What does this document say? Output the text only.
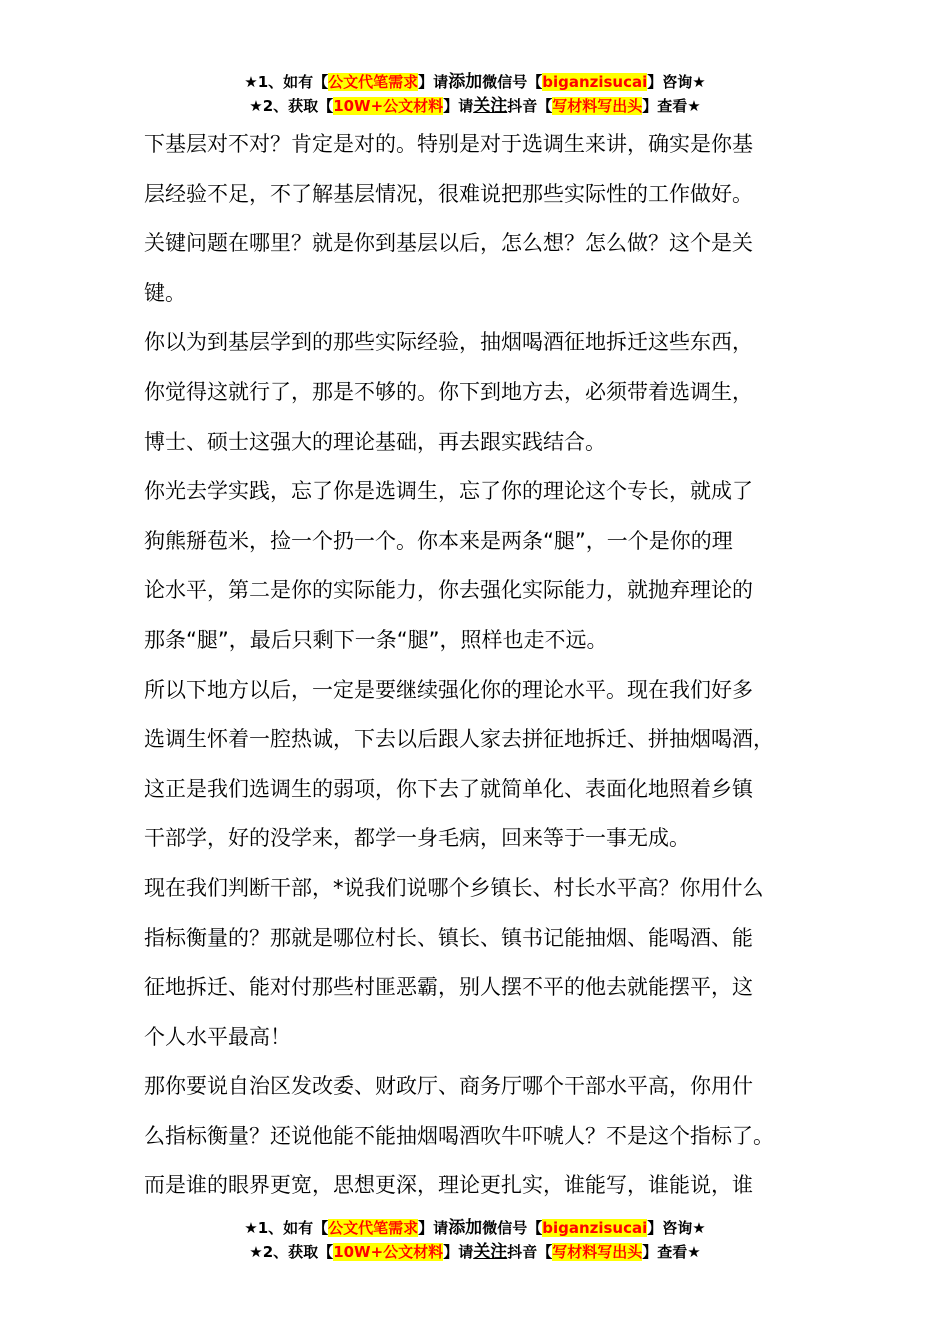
★1、如有【公文代笔需求】请添加微信号【biganzisucai】咨询★
★2、获取【10W+公文材料】请关注抖音【写材料写出头】查看★

下基层对不对？肯定是对的。特别是对于选调生来讲，确实是你基
层经验不足，不了解基层情况，很难说把那些实际性的工作做好。
关键问题在哪里？就是你到基层以后，怎么想？怎么做？这个是关
键。

你以为到基层学到的那些实际经验，抽烟喝酒征地拆迁这些东西，
你觉得这就行了，那是不够的。你下到地方去，必须带着选调生，
博士、硕士这强大的理论基础，再去跟实践结合。

你光去学实践，忘了你是选调生，忘了你的理论这个专长，就成了
狗熊掰苞米，捡一个扔一个。你本来是两条“腿”，一个是你的理
论水平，第二是你的实际能力，你去强化实际能力，就抛弃理论的
那条“腿”，最后只剩下一条“腿”，照样也走不远。

所以下地方以后，一定是要继续强化你的理论水平。现在我们好多
选调生怀着一腔热诚，下去以后跟人家去拼征地拆迁、拼抽烟喝酒，
这正是我们选调生的弱项，你下去了就简单化、表面化地照着乡镇
干部学，好的没学来，都学一身毛病，回来等于一事无成。

现在我们判断干部，*说我们说哪个乡镇长、村长水平高？你用什么
指标衡量的？那就是哪位村长、镇长、镇书记能抽烟、能喝酒、能
征地拆迁、能对付那些村匪恶霸，别人摆不平的他去就能摆平，这
个人水平最高！

那你要说自治区发改委、财政厅、商务厅哪个干部水平高，你用什
么指标衡量？还说他能不能抽烟喝酒吹牛吓唬人？不是这个指标了。
而是谁的眼界更宽，思想更深，理论更扎实，谁能写，谁能说，谁

★1、如有【公文代笔需求】请添加微信号【biganzisucai】咨询★
★2、获取【10W+公文材料】请关注抖音【写材料写出头】查看★
